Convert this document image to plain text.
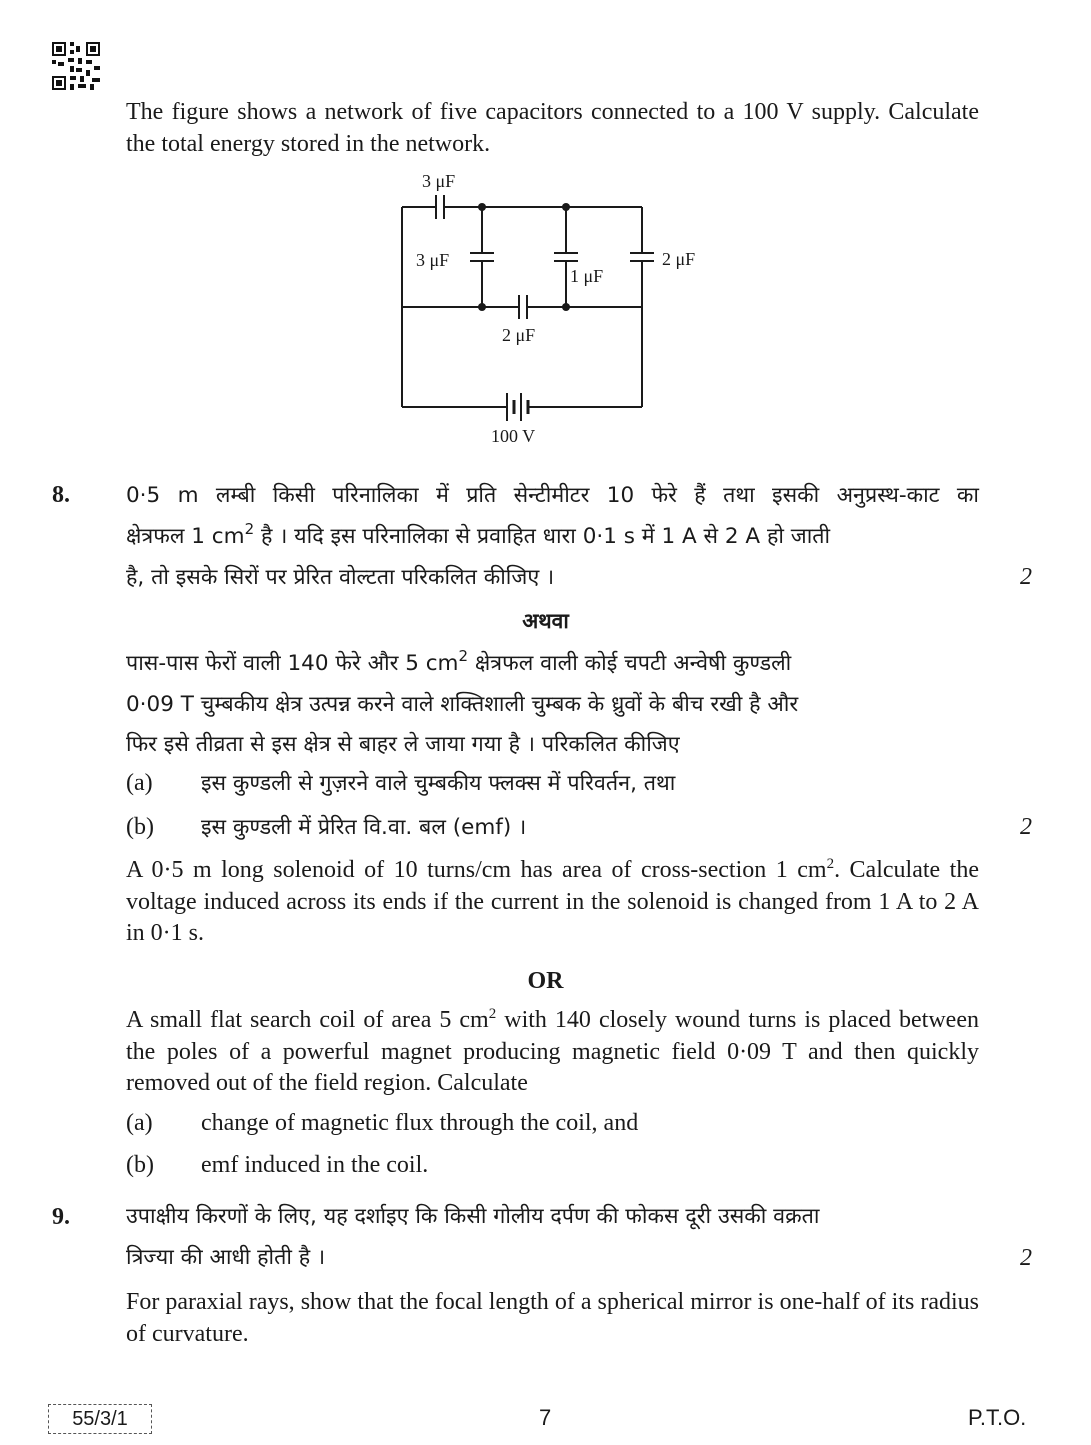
The figure shows a network of five capacitors connected to a 100 V supply. Calculate the total energy stored in the network.
3 μF
3 μF
1 μF
2 μF
2 μF
100 V
8.	0·5 m लम्बी किसी परिनालिका में प्रति सेन्टीमीटर 10 फेरे हैं तथा इसकी अनुप्रस्थ-काट का
क्षेत्रफल 1 $cm^2$ है । यदि इस परिनालिका से प्रवाहित धारा 0·1 s में 1 A से 2 A हो जाती
है, तो इसके सिरों पर प्रेरित वोल्टता परिकलित कीजिए ।	2
अथवा
पास-पास फेरों वाली 140 फेरे और 5 $cm^2$ क्षेत्रफल वाली कोई चपटी अन्वेषी कुण्डली
0·09 T चुम्बकीय क्षेत्र उत्पन्न करने वाले शक्तिशाली चुम्बक के ध्रुवों के बीच रखी है और
फिर इसे तीव्रता से इस क्षेत्र से बाहर ले जाया गया है । परिकलित कीजिए
(a) इस कुण्डली से गुज़रने वाले चुम्बकीय फ्लक्स में परिवर्तन, तथा
(b) इस कुण्डली में प्रेरित वि.वा. बल (emf) ।	2
A 0·5 m long solenoid of 10 turns/cm has area of cross-section 1 $cm^2$. Calculate the voltage induced across its ends if the current in the solenoid is changed from 1 A to 2 A in 0·1 s.
OR
A small flat search coil of area 5 $cm^2$ with 140 closely wound turns is placed between the poles of a powerful magnet producing magnetic field 0·09 T and then quickly removed out of the field region. Calculate
(a) change of magnetic flux through the coil, and
(b) emf induced in the coil.
9.	उपाक्षीय किरणों के लिए, यह दर्शाइए कि किसी गोलीय दर्पण की फोकस दूरी उसकी वक्रता
त्रिज्या की आधी होती है ।	2
For paraxial rays, show that the focal length of a spherical mirror is one-half of its radius of curvature.
55/3/1	7	P.T.O.
